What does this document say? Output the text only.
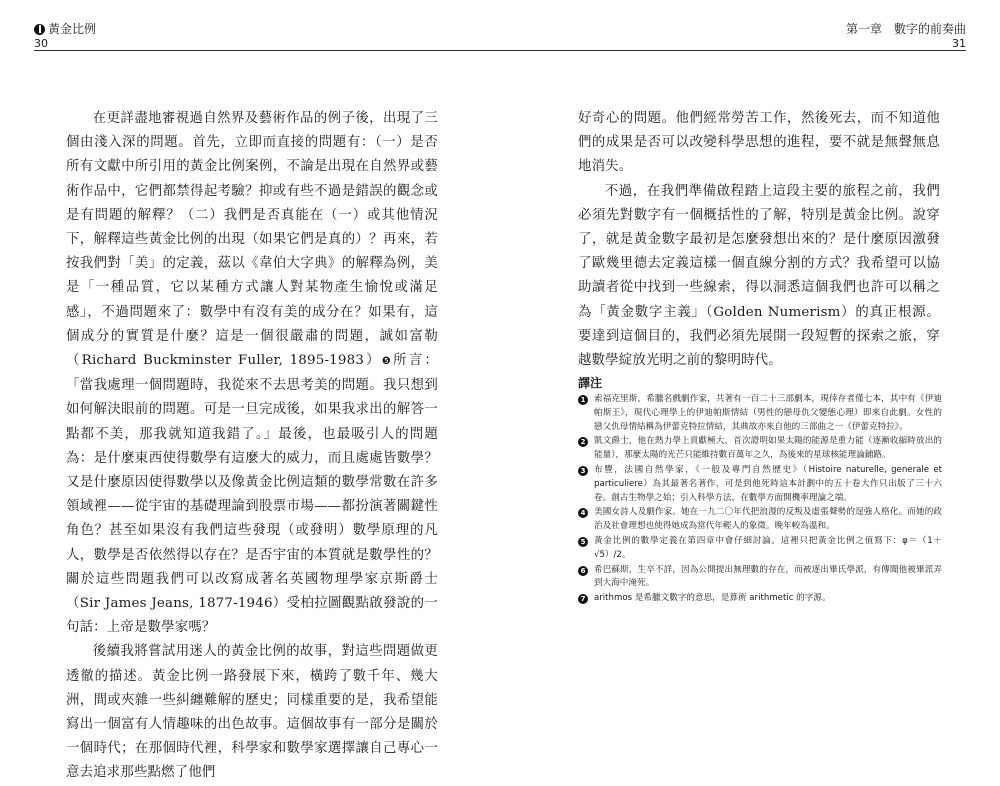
黃金比例
30

在更詳盡地審視過自然界及藝術作品的例子後，出現了三個由淺入深的問題。首先，立即而直接的問題有：（一）是否所有文獻中所引用的黃金比例案例，不論是出現在自然界或藝術作品中，它們都禁得起考驗？抑或有些不過是錯誤的觀念或是有問題的解釋？（二）我們是否真能在（一）或其他情況下，解釋這些黃金比例的出現（如果它們是真的）？再來，若按我們對「美」的定義，茲以《韋伯大字典》的解釋為例，美是「一種品質，它以某種方式讓人對某物產生愉悅或滿足感」，不過問題來了：數學中有沒有美的成分在？如果有，這個成分的實質是什麼？這是一個很嚴肅的問題，誠如富勒（Richard Buckminster Fuller, 1895-1983）❺所言：「當我處理一個問題時，我從來不去思考美的問題。我只想到如何解決眼前的問題。可是一旦完成後，如果我求出的解答一點都不美，那我就知道我錯了。」最後，也最吸引人的問題為：是什麼東西使得數學有這麼大的威力，而且處處皆數學？又是什麼原因使得數學以及像黃金比例這類的數學常數在許多領域裡——從宇宙的基礎理論到股票市場——都扮演著關鍵性角色？甚至如果沒有我們這些發現（或發明）數學原理的凡人，數學是否依然得以存在？是否宇宙的本質就是數學性的？關於這些問題我們可以改寫成著名英國物理學家京斯爵士（Sir James Jeans, 1877-1946）受柏拉圖觀點啟發說的一句話：上帝是數學家嗎？

後續我將嘗試用迷人的黃金比例的故事，對這些問題做更透徹的描述。黃金比例一路發展下來，橫跨了數千年、幾大洲，間或夾雜一些糾纏難解的歷史；同樣重要的是，我希望能寫出一個富有人情趣味的出色故事。這個故事有一部分是關於一個時代；在那個時代裡，科學家和數學家選擇讓自己專心一意去追求那些點燃了他們

第一章　數字的前奏曲
31

好奇心的問題。他們經常勞苦工作，然後死去，而不知道他們的成果是否可以改變科學思想的進程，要不就是無聲無息地消失。

不過，在我們準備啟程踏上這段主要的旅程之前，我們必須先對數字有一個概括性的了解，特別是黃金比例。說穿了，就是黃金數字最初是怎麼發想出來的？是什麼原因激發了歐幾里德去定義這樣一個直線分割的方式？我希望可以協助讀者從中找到一些線索，得以洞悉這個我們也許可以稱之為「黃金數字主義」（Golden Numerism）的真正根源。要達到這個目的，我們必須先展開一段短暫的探索之旅，穿越數學綻放光明之前的黎明時代。

譯注
1 索福克里斯，希臘名戲劇作家，共著有一百二十三部劇本，現倖存者僅七本，其中有《伊迪帕斯王》，現代心理學上的伊迪帕斯情結（男性的戀母仇父變態心理）即來自此劇。女性的戀父仇母情結稱為伊蕾克特拉情結，其典故亦來自他的三部曲之一《伊蕾克特拉》。
2 凱文爵士，他在熱力學上貢獻極大，首次證明如果太陽的能源是重力能（逐漸收縮時放出的能量），那麼太陽的光芒只能維持數百萬年之久，為後來的星球核能理論鋪路。
3 布豐，法國自然學家，《一般及專門自然歷史》（Histoire naturelle, generale et particuliere）為其最著名著作，可是到他死時這本計劃中的五十卷大作只出版了三十六卷。創古生物學之始；引入科學方法，在數學方面開機率理論之端。
4 美國女詩人及劇作家。她在一九二〇年代把浪漫的反叛及虛張聲勢的逞強人格化。而她的政治及社會理想也使得她成為當代年輕人的象徵。晚年較為溫和。
5 黃金比例的數學定義在第四章中會仔細討論。這裡只把黃金比例之值寫下：φ＝（1＋√5）/2。
6 希巴蘇斯，生卒不詳，因為公開提出無理數的存在，而被逐出畢氏學派，有傳聞他被畢派弄到大海中淹死。
7 arithmos 是希臘文數字的意思，是算術 arithmetic 的字源。
